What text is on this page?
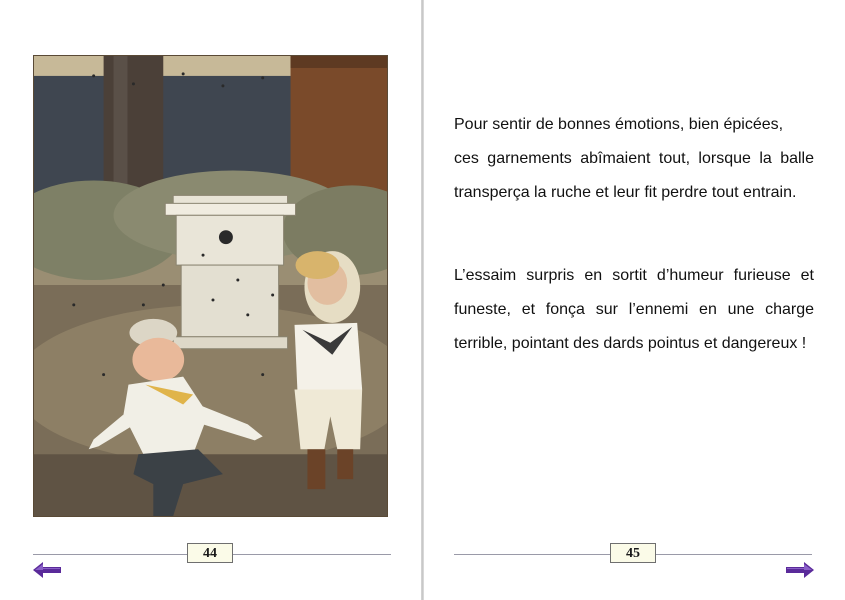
44

Pour sentir de bonnes émotions, bien épicées,

ces garnements abîmaient tout, lorsque la balle transperça la ruche et leur fit perdre tout entrain.

L’essaim surpris en sortit d’humeur furieuse et funeste, et fonça sur l’ennemi en une charge terrible, pointant des dards pointus et dangereux !

45
